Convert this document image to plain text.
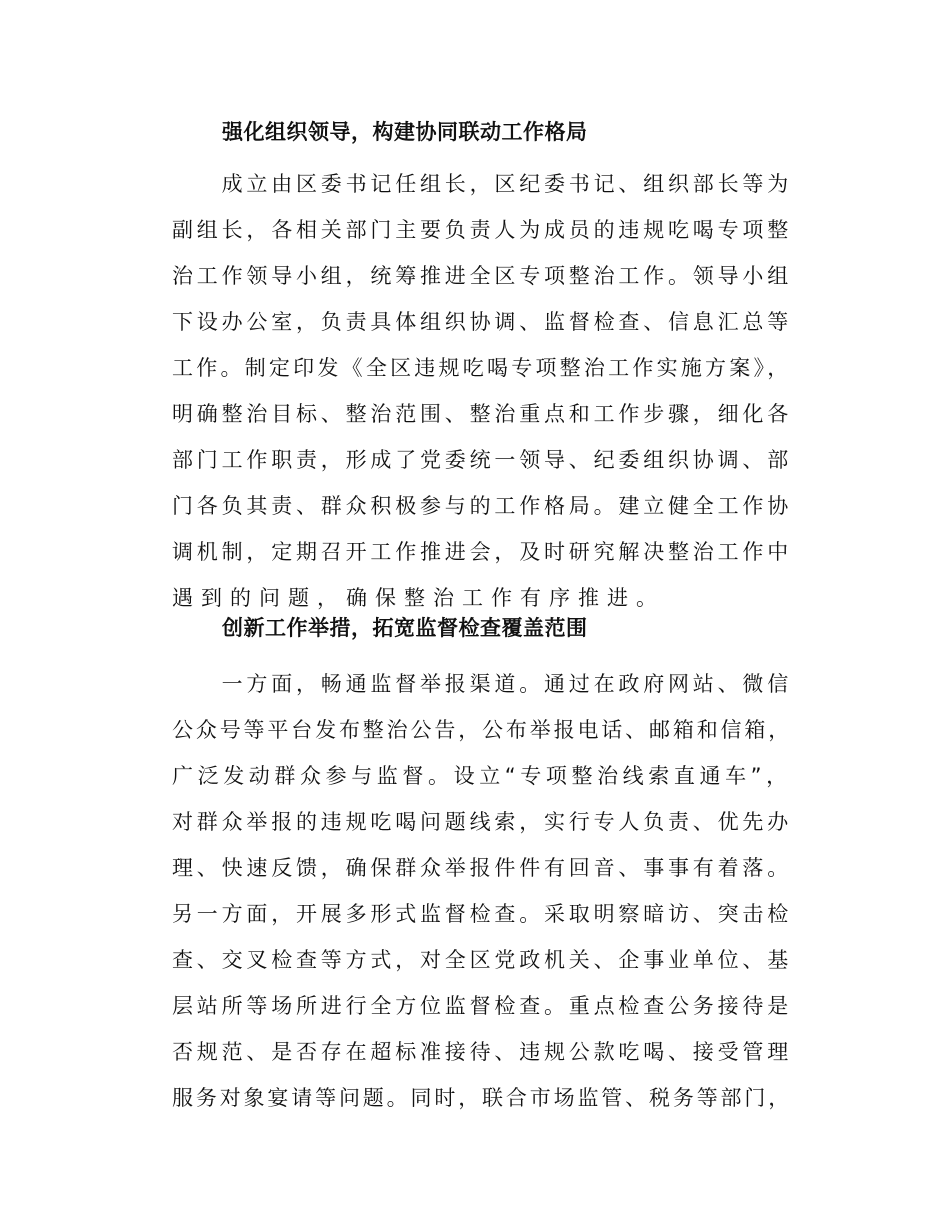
强化组织领导，构建协同联动工作格局
　　成立由区委书记任组长，区纪委书记、组织部长等为
副组长，各相关部门主要负责人为成员的违规吃喝专项整
治工作领导小组，统筹推进全区专项整治工作。领导小组
下设办公室，负责具体组织协调、监督检查、信息汇总等
工作。制定印发《全区违规吃喝专项整治工作实施方案》，
明确整治目标、整治范围、整治重点和工作步骤，细化各
部门工作职责，形成了党委统一领导、纪委组织协调、部
门各负其责、群众积极参与的工作格局。建立健全工作协
调机制，定期召开工作推进会，及时研究解决整治工作中
遇到的问题，确保整治工作有序推进。
创新工作举措，拓宽监督检查覆盖范围
　　一方面，畅通监督举报渠道。通过在政府网站、微信
公众号等平台发布整治公告，公布举报电话、邮箱和信箱，
广泛发动群众参与监督。设立“专项整治线索直通车”，
对群众举报的违规吃喝问题线索，实行专人负责、优先办
理、快速反馈，确保群众举报件件有回音、事事有着落。
另一方面，开展多形式监督检查。采取明察暗访、突击检
查、交叉检查等方式，对全区党政机关、企事业单位、基
层站所等场所进行全方位监督检查。重点检查公务接待是
否规范、是否存在超标准接待、违规公款吃喝、接受管理
服务对象宴请等问题。同时，联合市场监管、税务等部门，
